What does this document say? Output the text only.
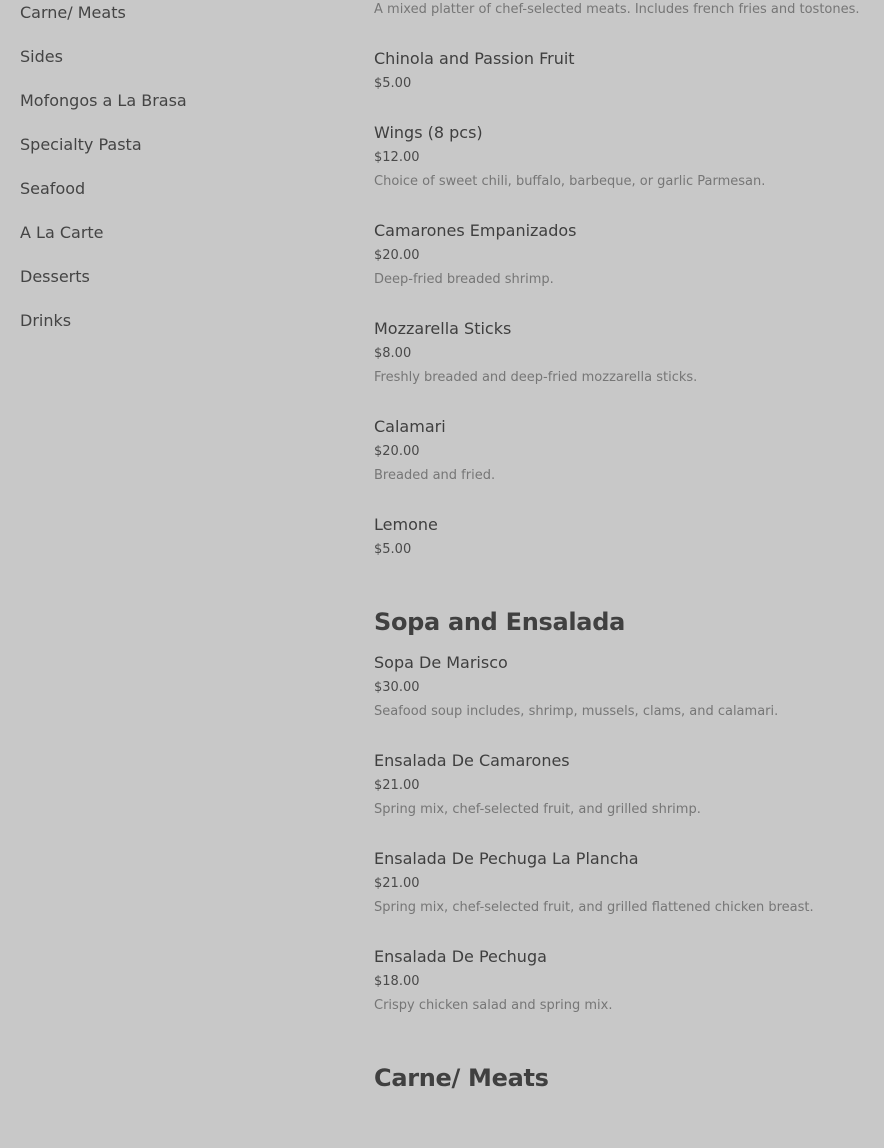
Carne/ Meats
Sides
Mofongos a La Brasa
Specialty Pasta
Seafood
A La Carte
Desserts
Drinks
A mixed platter of chef-selected meats. Includes french fries and tostones.
Chinola and Passion Fruit
$5.00
Wings (8 pcs)
$12.00
Choice of sweet chili, buffalo, barbeque, or garlic Parmesan.
Camarones Empanizados
$20.00
Deep-fried breaded shrimp.
Mozzarella Sticks
$8.00
Freshly breaded and deep-fried mozzarella sticks.
Calamari
$20.00
Breaded and fried.
Lemone
$5.00
Sopa and Ensalada
Sopa De Marisco
$30.00
Seafood soup includes, shrimp, mussels, clams, and calamari.
Ensalada De Camarones
$21.00
Spring mix, chef-selected fruit, and grilled shrimp.
Ensalada De Pechuga La Plancha
$21.00
Spring mix, chef-selected fruit, and grilled flattened chicken breast.
Ensalada De Pechuga
$18.00
Crispy chicken salad and spring mix.
Carne/ Meats
